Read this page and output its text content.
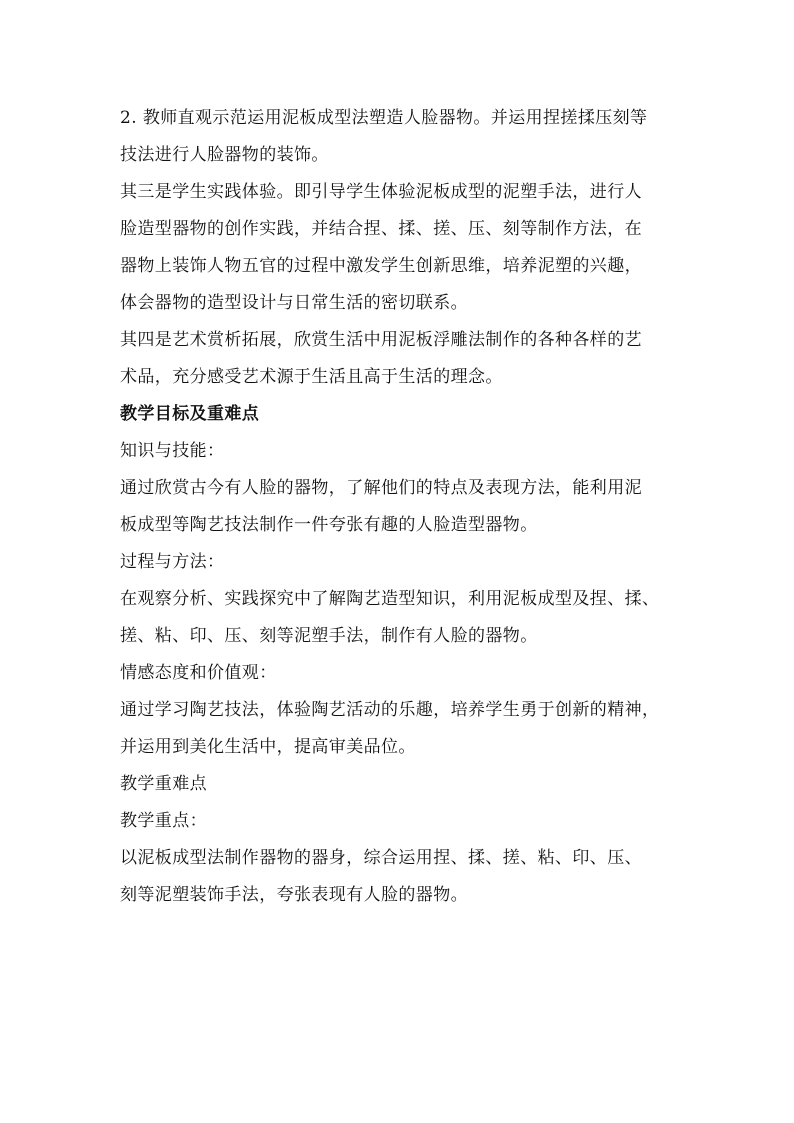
2. 教师直观示范运用泥板成型法塑造人脸器物。并运用捏搓揉压刻等
技法进行人脸器物的装饰。
其三是学生实践体验。即引导学生体验泥板成型的泥塑手法，进行人
脸造型器物的创作实践，并结合捏、揉、搓、压、刻等制作方法，在
器物上装饰人物五官的过程中激发学生创新思维，培养泥塑的兴趣，
体会器物的造型设计与日常生活的密切联系。
其四是艺术赏析拓展，欣赏生活中用泥板浮雕法制作的各种各样的艺
术品，充分感受艺术源于生活且高于生活的理念。
教学目标及重难点
知识与技能：
通过欣赏古今有人脸的器物，了解他们的特点及表现方法，能利用泥
板成型等陶艺技法制作一件夸张有趣的人脸造型器物。
过程与方法：
在观察分析、实践探究中了解陶艺造型知识，利用泥板成型及捏、揉、
搓、粘、印、压、刻等泥塑手法，制作有人脸的器物。
情感态度和价值观：
通过学习陶艺技法，体验陶艺活动的乐趣，培养学生勇于创新的精神，
并运用到美化生活中，提高审美品位。
教学重难点
教学重点：
以泥板成型法制作器物的器身，综合运用捏、揉、搓、粘、印、压、
刻等泥塑装饰手法，夸张表现有人脸的器物。
